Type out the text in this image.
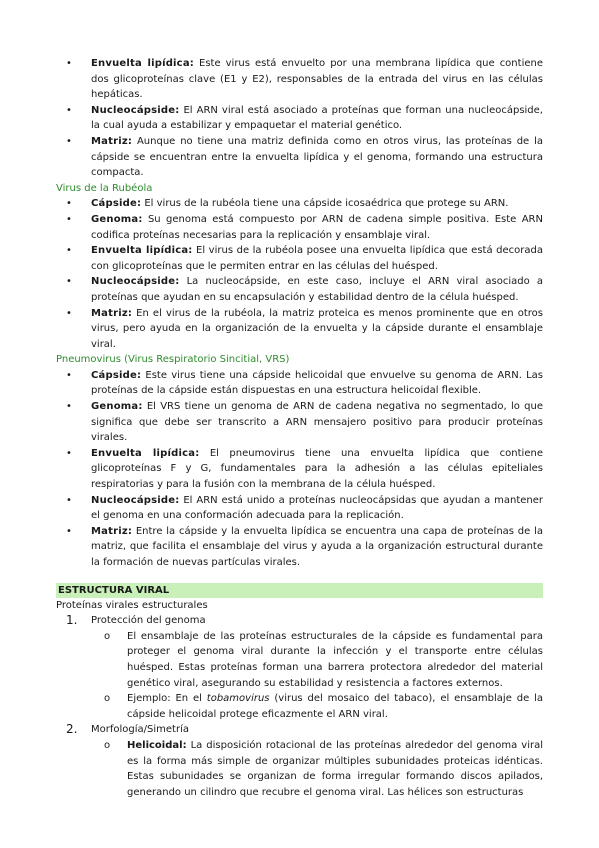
• Envuelta lipídica: Este virus está envuelto por una membrana lipídica que contiene dos glicoproteínas clave (E1 y E2), responsables de la entrada del virus en las células hepáticas.
• Nucleocápside: El ARN viral está asociado a proteínas que forman una nucleocápside, la cual ayuda a estabilizar y empaquetar el material genético.
• Matriz: Aunque no tiene una matriz definida como en otros virus, las proteínas de la cápside se encuentran entre la envuelta lipídica y el genoma, formando una estructura compacta.
Virus de la Rubéola
• Cápside: El virus de la rubéola tiene una cápside icosaédrica que protege su ARN.
• Genoma: Su genoma está compuesto por ARN de cadena simple positiva. Este ARN codifica proteínas necesarias para la replicación y ensamblaje viral.
• Envuelta lipídica: El virus de la rubéola posee una envuelta lipídica que está decorada con glicoproteínas que le permiten entrar en las células del huésped.
• Nucleocápside: La nucleocápside, en este caso, incluye el ARN viral asociado a proteínas que ayudan en su encapsulación y estabilidad dentro de la célula huésped.
• Matriz: En el virus de la rubéola, la matriz proteica es menos prominente que en otros virus, pero ayuda en la organización de la envuelta y la cápside durante el ensamblaje viral.
Pneumovirus (Virus Respiratorio Sincitial, VRS)
• Cápside: Este virus tiene una cápside helicoidal que envuelve su genoma de ARN. Las proteínas de la cápside están dispuestas en una estructura helicoidal flexible.
• Genoma: El VRS tiene un genoma de ARN de cadena negativa no segmentado, lo que significa que debe ser transcrito a ARN mensajero positivo para producir proteínas virales.
• Envuelta lipídica: El pneumovirus tiene una envuelta lipídica que contiene glicoproteínas F y G, fundamentales para la adhesión a las células epiteliales respiratorias y para la fusión con la membrana de la célula huésped.
• Nucleocápside: El ARN está unido a proteínas nucleocápsidas que ayudan a mantener el genoma en una conformación adecuada para la replicación.
• Matriz: Entre la cápside y la envuelta lipídica se encuentra una capa de proteínas de la matriz, que facilita el ensamblaje del virus y ayuda a la organización estructural durante la formación de nuevas partículas virales.
ESTRUCTURA VIRAL
Proteínas virales estructurales
1. Protección del genoma
o El ensamblaje de las proteínas estructurales de la cápside es fundamental para proteger el genoma viral durante la infección y el transporte entre células huésped. Estas proteínas forman una barrera protectora alrededor del material genético viral, asegurando su estabilidad y resistencia a factores externos.
o Ejemplo: En el tobamovirus (virus del mosaico del tabaco), el ensamblaje de la cápside helicoidal protege eficazmente el ARN viral.
2. Morfología/Simetría
o Helicoidal: La disposición rotacional de las proteínas alrededor del genoma viral es la forma más simple de organizar múltiples subunidades proteicas idénticas. Estas subunidades se organizan de forma irregular formando discos apilados, generando un cilindro que recubre el genoma viral. Las hélices son estructuras
